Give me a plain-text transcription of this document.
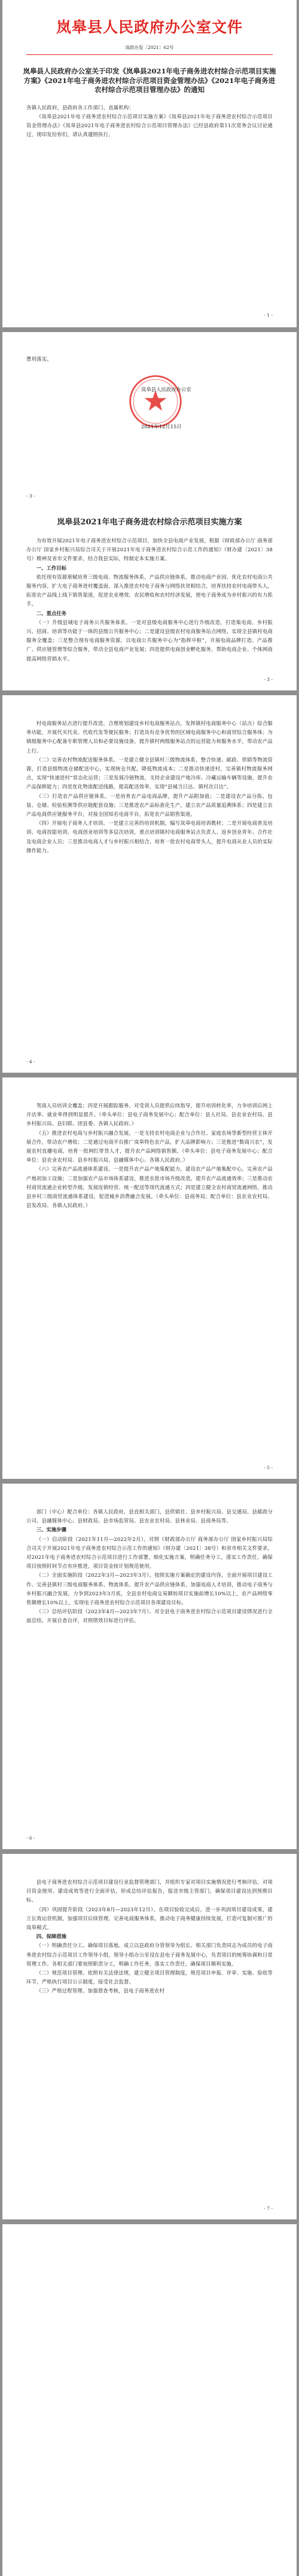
岚皋县人民政府办公室文件
岚政办发〔2021〕62号
岚皋县人民政府办公室关于印发《岚皋县2021年电子商务进农村综合示范项目实施方案》《2021年电子商务进农村综合示范项目资金管理办法》《2021年电子商务进农村综合示范项目管理办法》的通知

各镇人民政府，县政府各工作部门、直属机构：

《岚皋县2021年电子商务进农村综合示范项目实施方案》《岚皋县2021年电子商务进农村综合示范项目资金管理办法》《岚皋县2021年电子商务进农村综合示范项目管理办法》已经县政府第11次常务会议讨论通过，现印发给你们，请认真遵照执行。

- 1 -

曹玥落实。

岚皋县人民政府办公室
2021年12月15日
- 3 -
岚皋县2021年电子商务进农村综合示范项目实施方案

为有效开展2021年电子商务进农村综合示范项目，加快全县电商产业发展，根据《财政部办公厅 商务部办公厅 国家乡村振兴局综合司关于开展2021年电子商务进农村综合示范工作的通知》（财办建〔2021〕38号）精神及省市文件要求，结合我县实际，特制定本实施方案。

一、工作目标

依托现有资源禀赋培育三级电商、物流服务体系，产品供应链体系，推动电商产业园、优化农村电商公共服务内容，扩大电子商务进村覆盖面，深入推进农村电子商务与网络扶贫相结合，培育扶持农村电商带头人，拓宽农产品线上线下销售渠道，促进农业增效、农民增收和农村经济发展，使电子商务成为乡村振兴的有力抓手。

二、重点任务

（一）升级县域电子商务公共服务体系。一是对县级电商服务中心进行升级改造，打造集电商、乡村振兴、招商、培训等功能于一体的县级公共服务中心；二是建设县级农村电商服务站点网络，实现全县镇村电商服务全覆盖；三是整合现有电商服务资源，以电商公共服务中心为“指挥中枢”，开展电商品牌打造、产品推广、供应链管理等综合服务，带动全县电商产业发展；四是提供电商创业孵化服务，帮助电商企业、个体网商提高网络营销水平。

- 3 -

村电商服务站点进行提升改造，合理规划建设乡村电商服务站点，发挥镇村电商服务中心（站点）综合服务功能，开展代买代卖、代收代发等便民服务；打造具有竞争优势的区域电商服务中心和商贸综合服务体；为镇级服务中心配备专职管理人员和必要设施设备，提升镇村两级服务站点的运营能力和服务水平，带动农产品上行。

（二）完善农村物流配送服务体系。一是建立健全县镇村三级物流体系，整合快递、邮政、供销等物流资源，打造县级物流仓储配送中心，实现统仓共配，降低物流成本；二是推动快递进村，完善镇村物流服务网点，实现“快递进村”常态化运营；三是发展冷链物流，支持企业建设产地冷库、冷藏运输车辆等设施，提升农产品保鲜能力；四是优化物流配送线路，提高配送效率，实现“县城当日达、镇村次日达”。

（三）打造农产品供应链体系。一是培育农产品电商品牌，提升产品附加值；二是建设农产品分拣、包装、仓储、检验检测等供应链配套设施；三是推进农产品标准化生产，建立农产品质量追溯体系；四是建立农产品电商供应链服务平台，对接全国知名电商平台，拓宽农产品销售渠道。

（四）开展电子商务人才培训。一是建立完善的培训机制，编写岚皋电商培训教材；二是开展电商普及培训、电商技能培训、电商创业培训等多层次培训，重点培训镇村电商服务站点负责人、返乡创业青年、合作社及电商企业人员；三是推动电商人才与乡村振兴相结合，培育一批农村电商带头人，提升电商从业人员的实际操作能力。

- 4 -

驾商人员培训全覆盖；四是开展跟踪服务，对受训人员提供后续指导，提升培训转化率，力争培训后网上开店率、就业率得到明显提升。（牵头单位：县电子商务发展中心；配合单位：县人社局、县农业农村局、县乡村振兴局、县妇联、团县委、各镇人民政府。）

（五）推进农村电商与乡村振兴融合发展。一是支持农村电商企业与合作社、家庭农场等新型经营主体开展合作，带动农户增收；二是通过电商平台推广岚皋特色农产品，扩大品牌影响力；三是推进“数商兴农”，发展农村直播电商，培育一批网红带货人才，提升农产品网络销售额。（牵头单位：县电子商务发展中心；配合单位：县农业农村局、县乡村振兴局、县融媒体中心、各镇人民政府。）

（六）完善农产品流通体系建设。一是提升农产品产地集配能力，建设农产品产地集配中心，完善农产品产地初加工设施；二是加强农产品市场体系建设，推进农批市场升级改造，提升农产品流通效率；三是推动农村商贸流通企业转型升级，发展连锁经营、统一配送等现代流通方式；四是建立健全农村商贸流通网络，推动县乡村三级商贸流通体系建设，促进城乡消费融合发展。（牵头单位：县商务局；配合单位：县农业农村局、县发改局、各镇人民政府。）

- 5 -

部门（中心）配合单位：各镇人民政府，县直相关部门，县供销社、县乡村振兴局、县交通局、县邮政分公司、县融媒体中心、县财政局、县市场监管局、县农业农村局、县林业局、县商务局等。

三、实施步骤

（一）启动阶段（2021年11月—2022年2月）。对照《财政部办公厅 商务部办公厅 国家乡村振兴局综合司关于开展2021年电子商务进农村综合示范工作的通知》（财办建〔2021〕38号）和省市相关文件要求，对2021年电子商务进农村综合示范项目进行工作部署，细化实施方案，明确任务分工，落实工作责任，确保项目按照时间节点有序推进，项目资金按计划规范使用。

（二）全面实施阶段（2022年3月—2023年3月）。按照实施方案确定的建设内容，全面开展项目建设工作。完善县镇村三级电商服务体系、物流体系，提升农产品供应链体系，加强电商人才培训，推动电子商务与乡村振兴融合发展，力争到2023年3月底，全县农村电商交易额较项目实施前增长10%以上，农产品网络零售额增长10%以上，实现电子商务进农村综合示范项目各项建设目标。

（三）总结评估阶段（2023年4月—2023年7月）。对全县电子商务进农村综合示范项目建设情况进行全面总结，开展自查自评，对照绩效目标进行评估。

- 6 -

县电子商务进农村综合示范项目建设行业监督管理部门，并组织专家对项目实施情况进行考核评估，对项目资金使用、建设成效等进行全面评估，形成总结评估报告，报送市级主管部门，确保项目建设达到预期目标。

（四）巩固提升阶段（2023年8月—2023年12月）。在项目验收完成后，进一步巩固项目建设成果，建立长效运营机制，加强项目后续管理，完善电商服务体系，推动电子商务健康持续发展，打造可复制可推广的岚皋模式。

四、保障措施

（一）明确责任分工。确保项目落地。成立以县政府分管领导为组长、相关部门负责同志为成员的电子商务进农村综合示范项目工作领导小组，领导小组办公室设在县电子商务发展中心，负责项目的统筹协调和日常管理工作。各相关部门要按照职责分工，明确工作任务，落实工作责任，确保项目顺利实施。

（二）规范项目管理。依照有关法律法规，建立健全项目管理制度，规范项目申报、评审、实施、验收等环节，严格执行项目公示制度，接受社会监督。

（三）严格过程管理。加强督查考核，县电子商务进农村

- 7 -
